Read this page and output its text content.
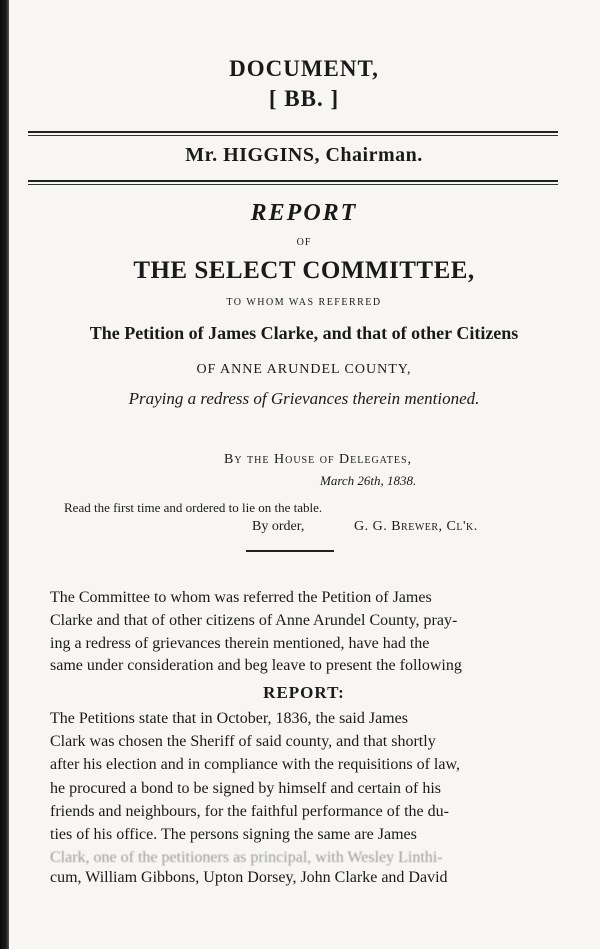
DOCUMENT,
[ BB. ]
Mr. HIGGINS, Chairman.
REPORT
OF
THE SELECT COMMITTEE,
TO WHOM WAS REFERRED
The Petition of James Clarke, and that of other Citizens
OF ANNE ARUNDEL COUNTY,
Praying a redress of Grievances therein mentioned.
By the House of Delegates,
March 26th, 1838.
Read the first time and ordered to lie on the table.
By order,	G. G. Brewer, Cl'k.
The Committee to whom was referred the Petition of James
Clarke and that of other citizens of Anne Arundel County, pray-
ing a redress of grievances therein mentioned, have had the
same under consideration and beg leave to present the following
REPORT:
The Petitions state that in October, 1836, the said James
Clark was chosen the Sheriff of said county, and that shortly
after his election and in compliance with the requisitions of law,
he procured a bond to be signed by himself and certain of his
friends and neighbours, for the faithful performance of the du-
ties of his office. The persons signing the same are James
Clark, one of the petitioners as principal, with Wesley Linthi-
cum, William Gibbons, Upton Dorsey, John Clarke and David
